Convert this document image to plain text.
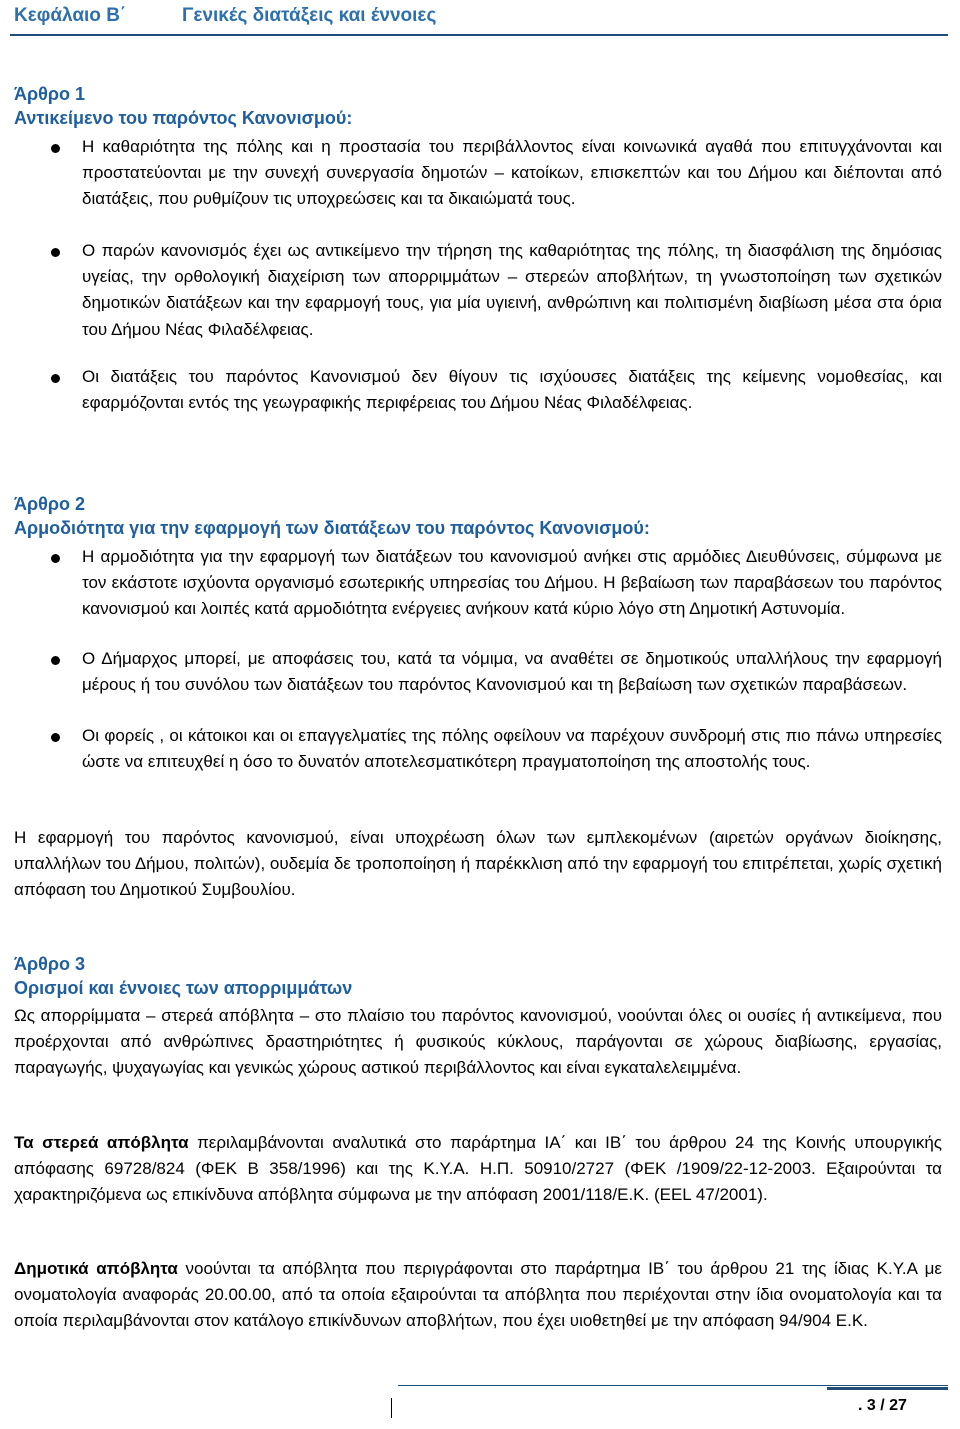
Κεφάλαιο Β΄	Γενικές διατάξεις και έννοιες
Άρθρο 1
Αντικείμενο του παρόντος Κανονισμού:
Η καθαριότητα της πόλης και η προστασία του περιβάλλοντος είναι κοινωνικά αγαθά που επιτυγχάνονται και προστατεύονται με την συνεχή συνεργασία δημοτών – κατοίκων, επισκεπτών και του Δήμου και διέπονται από διατάξεις, που ρυθμίζουν τις υποχρεώσεις και τα δικαιώματά τους.
Ο παρών κανονισμός έχει ως αντικείμενο την τήρηση της καθαριότητας της πόλης, τη διασφάλιση της δημόσιας υγείας, την ορθολογική διαχείριση των απορριμμάτων – στερεών αποβλήτων, τη γνωστοποίηση των σχετικών δημοτικών διατάξεων και την εφαρμογή τους, για μία υγιεινή, ανθρώπινη και πολιτισμένη διαβίωση μέσα στα όρια του Δήμου Νέας Φιλαδέλφειας.
Οι διατάξεις του παρόντος Κανονισμού δεν θίγουν τις ισχύουσες διατάξεις της κείμενης νομοθεσίας, και εφαρμόζονται εντός της γεωγραφικής περιφέρειας του Δήμου Νέας Φιλαδέλφειας.
Άρθρο 2
Αρμοδιότητα για την εφαρμογή των διατάξεων του παρόντος Κανονισμού:
Η αρμοδιότητα για την εφαρμογή των διατάξεων του κανονισμού ανήκει στις αρμόδιες Διευθύνσεις, σύμφωνα με τον εκάστοτε ισχύοντα οργανισμό εσωτερικής υπηρεσίας του Δήμου. Η βεβαίωση των παραβάσεων του παρόντος κανονισμού και λοιπές κατά αρμοδιότητα ενέργειες ανήκουν κατά κύριο λόγο στη Δημοτική Αστυνομία.
Ο Δήμαρχος μπορεί, με αποφάσεις του, κατά τα νόμιμα, να αναθέτει σε δημοτικούς υπαλλήλους την εφαρμογή μέρους ή του συνόλου των διατάξεων του παρόντος Κανονισμού και τη βεβαίωση των σχετικών παραβάσεων.
Οι φορείς , οι κάτοικοι και οι επαγγελματίες της πόλης οφείλουν να παρέχουν συνδρομή στις πιο πάνω υπηρεσίες ώστε να επιτευχθεί η όσο το δυνατόν αποτελεσματικότερη πραγματοποίηση της αποστολής τους.
Η εφαρμογή του παρόντος κανονισμού, είναι υποχρέωση όλων των εμπλεκομένων (αιρετών οργάνων διοίκησης, υπαλλήλων του Δήμου, πολιτών), ουδεμία δε τροποποίηση ή παρέκκλιση από την εφαρμογή του επιτρέπεται, χωρίς σχετική απόφαση του Δημοτικού Συμβουλίου.
Άρθρο 3
Ορισμοί και έννοιες των απορριμμάτων
Ως απορρίμματα – στερεά απόβλητα – στο πλαίσιο του παρόντος κανονισμού, νοούνται όλες οι ουσίες ή αντικείμενα, που προέρχονται από ανθρώπινες δραστηριότητες ή φυσικούς κύκλους, παράγονται σε χώρους διαβίωσης, εργασίας, παραγωγής, ψυχαγωγίας και γενικώς χώρους αστικού περιβάλλοντος και είναι εγκαταλελειμμένα.
Τα στερεά απόβλητα περιλαμβάνονται αναλυτικά στο παράρτημα ΙΑ΄ και ΙΒ΄ του άρθρου 24 της Κοινής υπουργικής απόφασης 69728/824 (ΦΕΚ Β 358/1996) και της Κ.Υ.Α. Η.Π. 50910/2727 (ΦΕΚ /1909/22-12-2003. Εξαιρούνται τα χαρακτηριζόμενα ως επικίνδυνα απόβλητα σύμφωνα με την απόφαση 2001/118/Ε.Κ. (EEL 47/2001).
Δημοτικά απόβλητα νοούνται τα απόβλητα που περιγράφονται στο παράρτημα ΙΒ΄ του άρθρου 21 της ίδιας Κ.Υ.Α με ονοματολογία αναφοράς 20.00.00, από τα οποία εξαιρούνται τα απόβλητα που περιέχονται στην ίδια ονοματολογία και τα οποία περιλαμβάνονται στον κατάλογο επικίνδυνων αποβλήτων, που έχει υιοθετηθεί με την απόφαση 94/904 Ε.Κ.
. 3 / 27
